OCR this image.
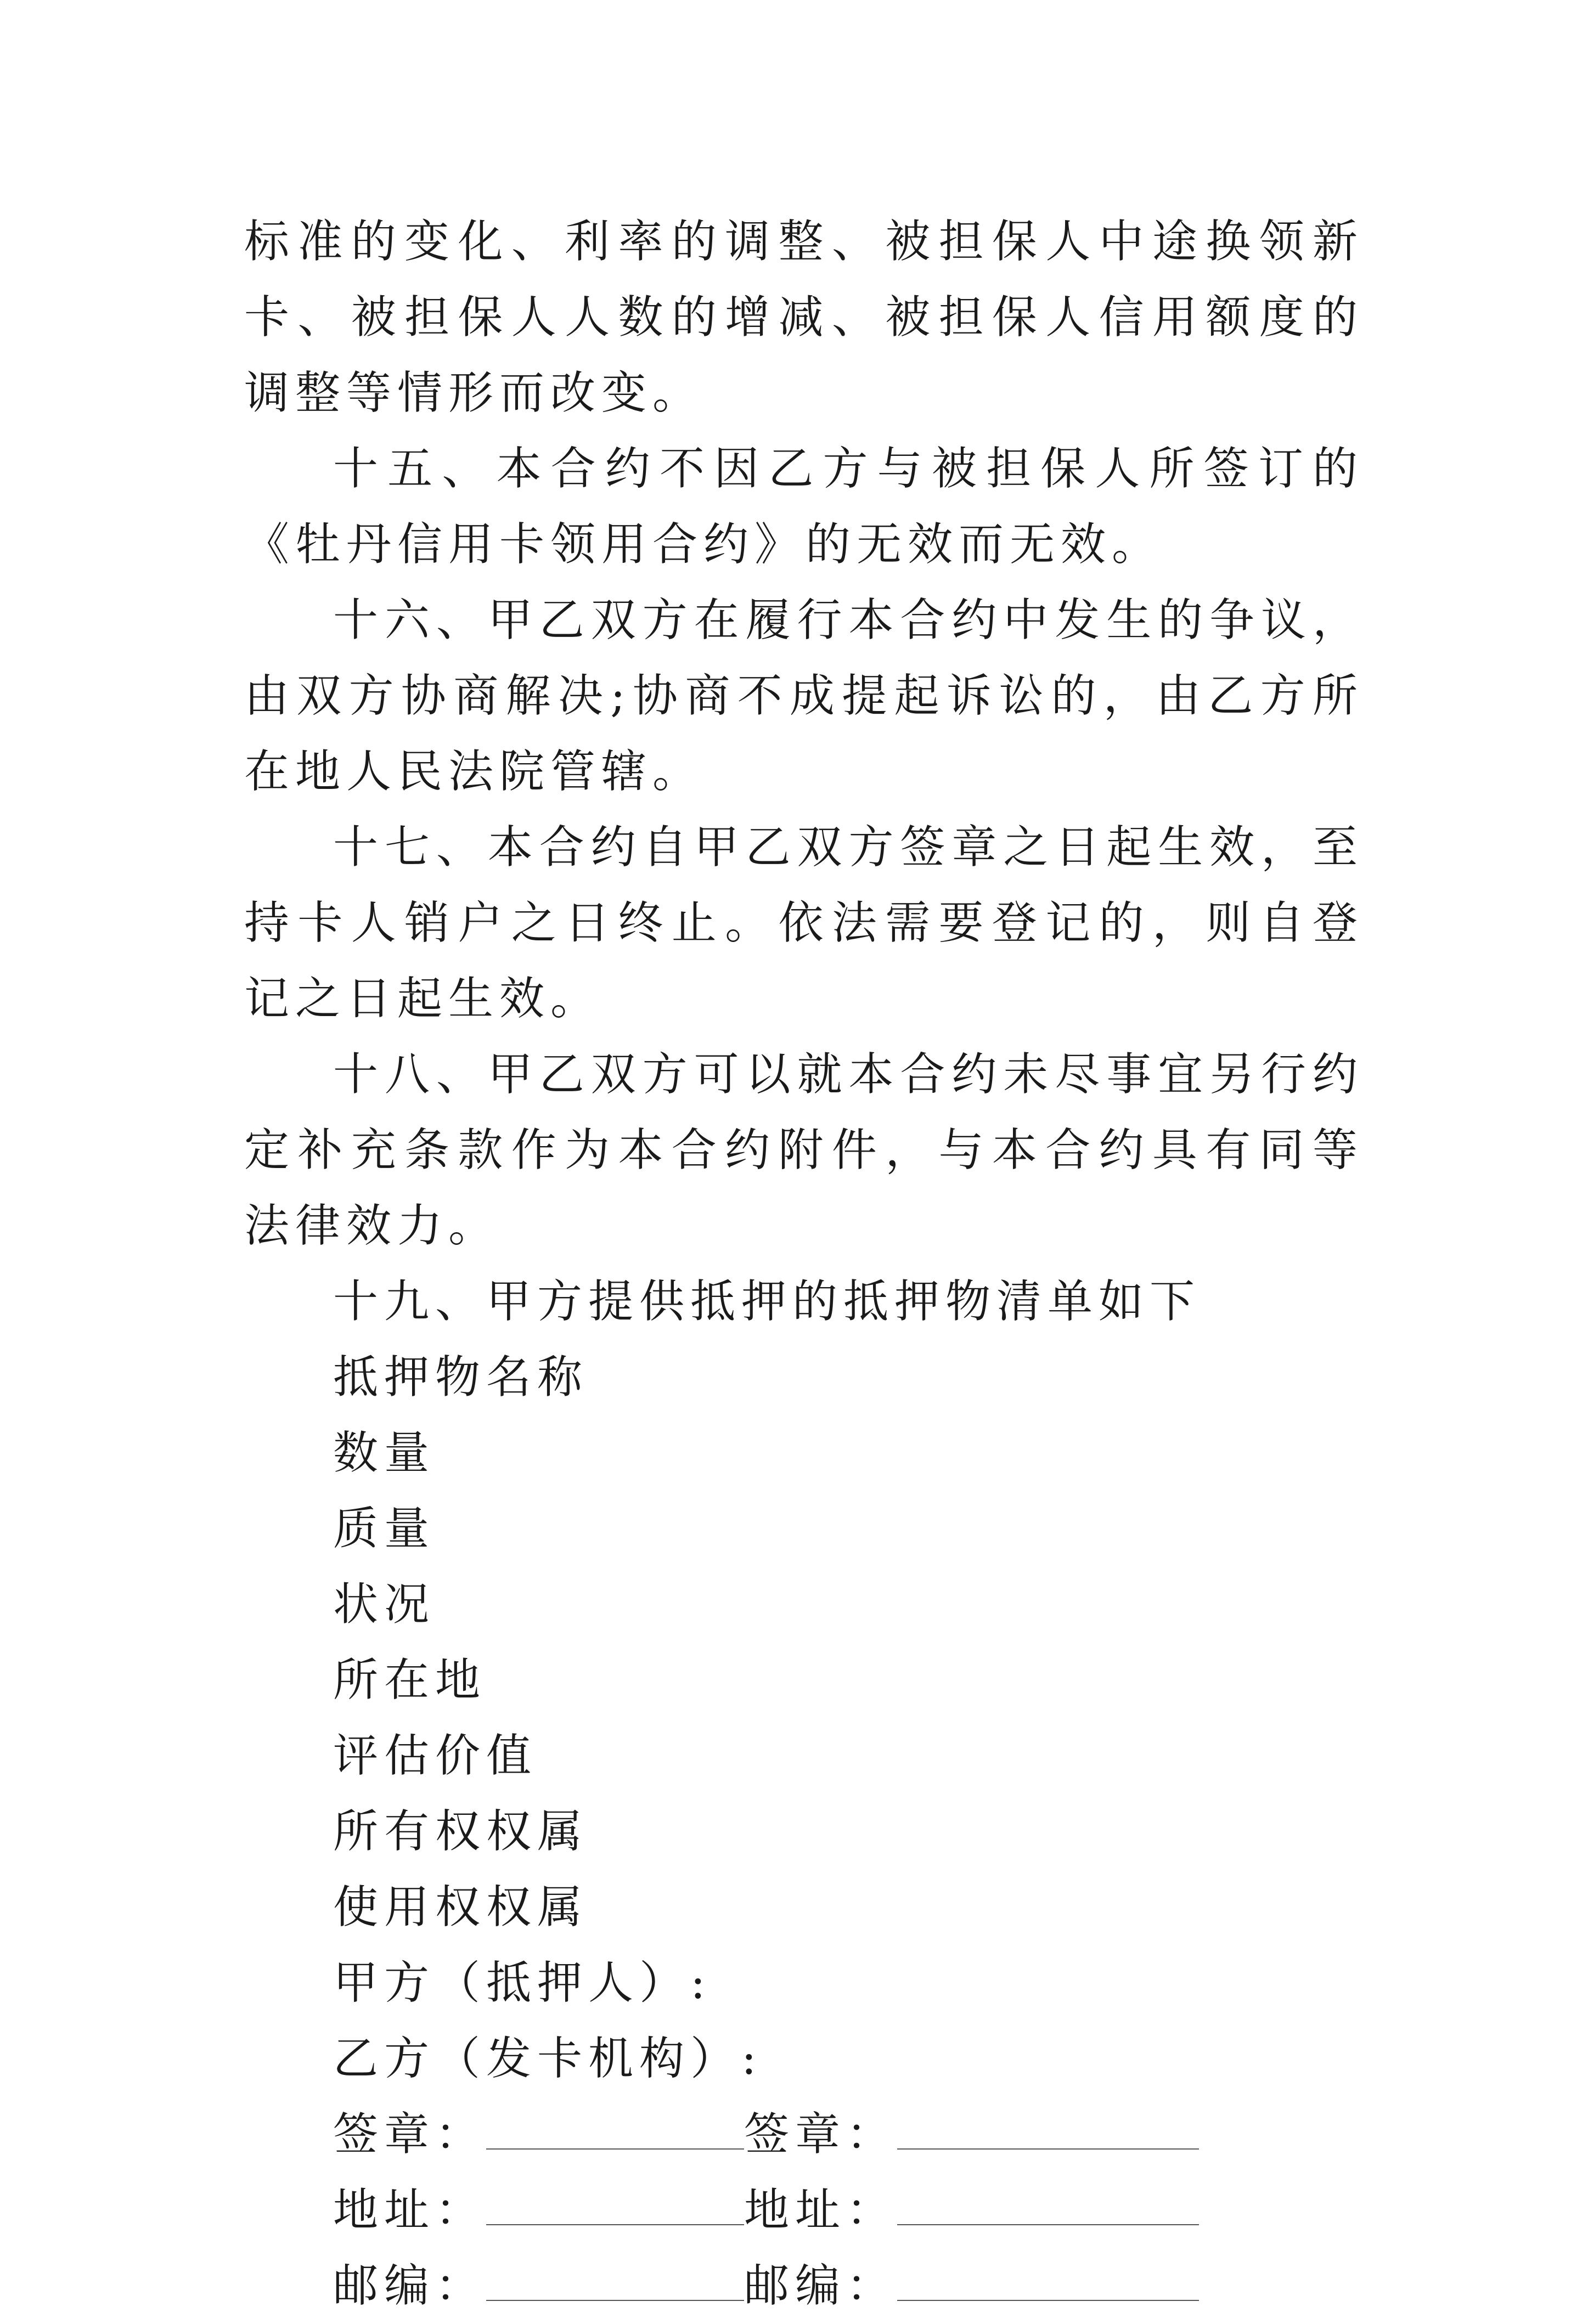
标准的变化、利率的调整、被担保人中途换领新卡、被担保人人数的增减、被担保人信用额度的调整等情形而改变。

十五、本合约不因乙方与被担保人所签订的《牡丹信用卡领用合约》的无效而无效。

十六、甲乙双方在履行本合约中发生的争议，由双方协商解决;协商不成提起诉讼的，由乙方所在地人民法院管辖。

十七、本合约自甲乙双方签章之日起生效，至持卡人销户之日终止。依法需要登记的，则自登记之日起生效。

十八、甲乙双方可以就本合约未尽事宜另行约定补充条款作为本合约附件，与本合约具有同等法律效力。

十九、甲方提供抵押的抵押物清单如下

抵押物名称

数量

质量

状况

所在地

评估价值

所有权权属

使用权权属

甲方（抵押人）:

乙方（发卡机构）:

签章：	签章：
地址：	地址：
邮编：	邮编：
